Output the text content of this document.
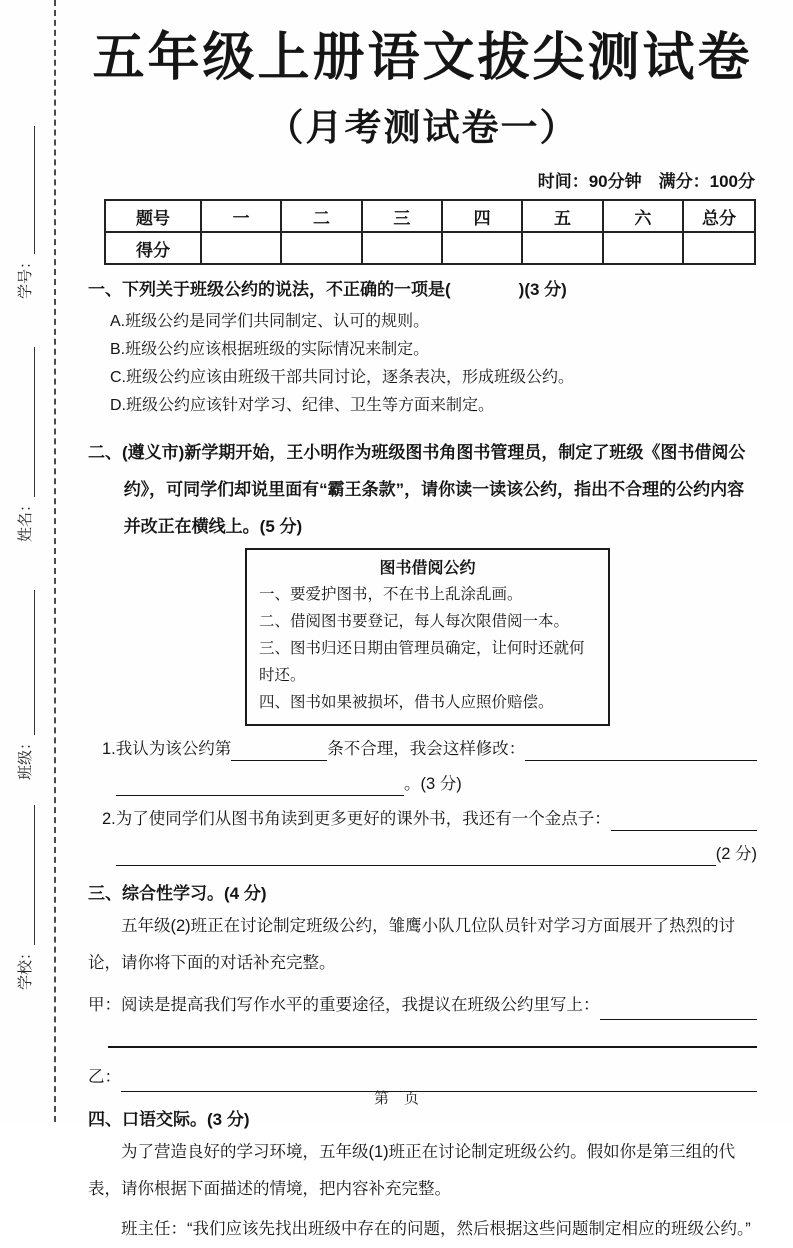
学校：
班级：
姓名：
学号：
五年级上册语文拔尖测试卷
（月考测试卷一）
时间：90分钟　满分：100分
题号	一	二	三	四	五	六	总分
得分							
一、下列关于班级公约的说法，不正确的一项是(　　　　)(3 分)
A.班级公约是同学们共同制定、认可的规则。
B.班级公约应该根据班级的实际情况来制定。
C.班级公约应该由班级干部共同讨论，逐条表决，形成班级公约。
D.班级公约应该针对学习、纪律、卫生等方面来制定。
二、(遵义市)新学期开始，王小明作为班级图书角图书管理员，制定了班级《图书借阅公约》，可同学们却说里面有“霸王条款”，请你读一读该公约，指出不合理的公约内容并改正在横线上。(5 分)
图书借阅公约
一、要爱护图书，不在书上乱涂乱画。
二、借阅图书要登记，每人每次限借阅一本。
三、图书归还日期由管理员确定，让何时还就何时还。
四、图书如果被损坏，借书人应照价赔偿。
1.我认为该公约第	条不合理，我会这样修改：
。(3 分)
2.为了使同学们从图书角读到更多更好的课外书，我还有一个金点子：
(2 分)
三、综合性学习。(4 分)
五年级(2)班正在讨论制定班级公约，雏鹰小队几位队员针对学习方面展开了热烈的讨论，请你将下面的对话补充完整。
甲：阅读是提高我们写作水平的重要途径，我提议在班级公约里写上：
乙：
四、口语交际。(3 分)
为了营造良好的学习环境，五年级(1)班正在讨论制定班级公约。假如你是第三组的代表，请你根据下面描述的情境，把内容补充完整。
班主任：“我们应该先找出班级中存在的问题，然后根据这些问题制定相应的班级公约。”
第　页
